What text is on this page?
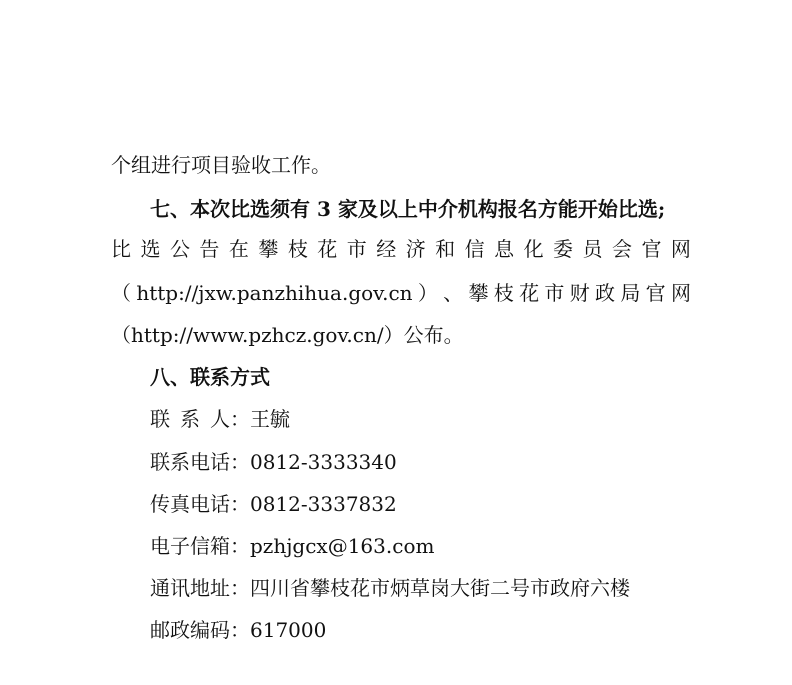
个组进行项目验收工作。
七、本次比选须有 3 家及以上中介机构报名方能开始比选;
比 选 公 告 在 攀 枝 花 市 经 济 和 信 息 化 委 员 会 官 网
（ http://jxw.panzhihua.gov.cn ） 、 攀 枝 花 市 财 政 局 官 网
（http://www.pzhcz.gov.cn/）公布。
八、联系方式
联 系 人 ：王毓
联系电话：0812-3333340
传真电话：0812-3337832
电子信箱：pzhjgcx@163.com
通讯地址：四川省攀枝花市炳草岗大街二号市政府六楼
邮政编码：617000
